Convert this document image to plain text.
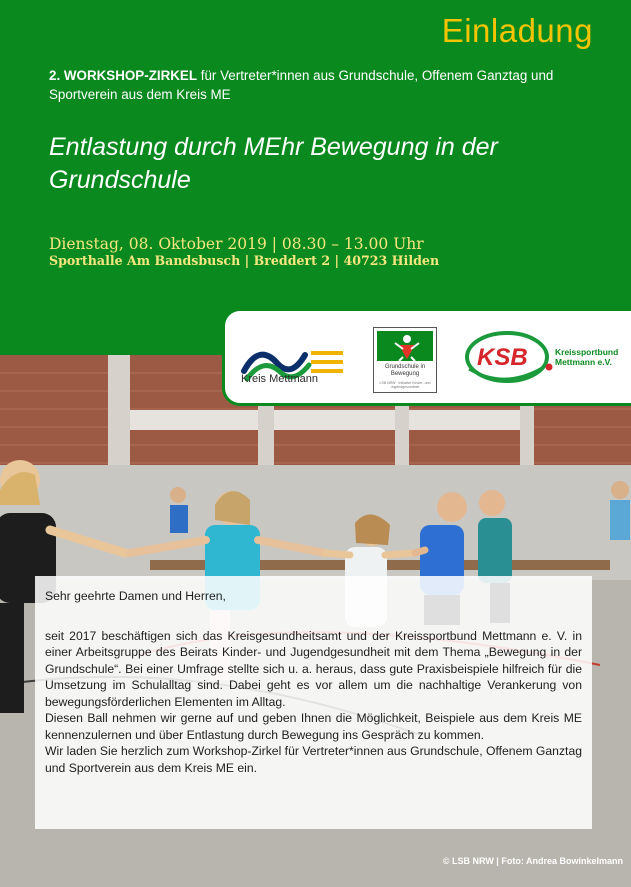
Einladung
2. WORKSHOP-ZIRKEL für Vertreter*innen aus Grundschule, Offenem Ganztag und Sportverein aus dem Kreis ME
Entlastung durch MEhr Bewegung in der Grundschule
Dienstag, 08. Oktober 2019 | 08.30 – 13.00 Uhr
Sporthalle Am Bandsbusch | Breddert 2 | 40723 Hilden
Kreis Mettmann
Grundschule in
Bewegung
LSB NRW · Initiative Kinder- und Jugendgesundheit
KSB	Kreissportbund
Mettmann e.V.

Sehr geehrte Damen und Herren,

seit 2017 beschäftigen sich das Kreisgesundheitsamt und der Kreissportbund Mettmann e. V. in einer Arbeitsgruppe des Beirats Kinder- und Jugendgesundheit mit dem Thema „Bewegung in der Grundschule“. Bei einer Umfrage stellte sich u. a. heraus, dass gute Praxisbeispiele hilfreich für die Umsetzung im Schulalltag sind. Dabei geht es vor allem um die nachhaltige Verankerung von bewegungsförderlichen Elementen im Alltag.

Diesen Ball nehmen wir gerne auf und geben Ihnen die Möglichkeit, Beispiele aus dem Kreis ME kennenzulernen und über Entlastung durch Bewegung ins Gespräch zu kommen.

Wir laden Sie herzlich zum Workshop-Zirkel für Vertreter*innen aus Grundschule, Offenem Ganztag und Sportverein aus dem Kreis ME ein.

© LSB NRW | Foto: Andrea Bowinkelmann
